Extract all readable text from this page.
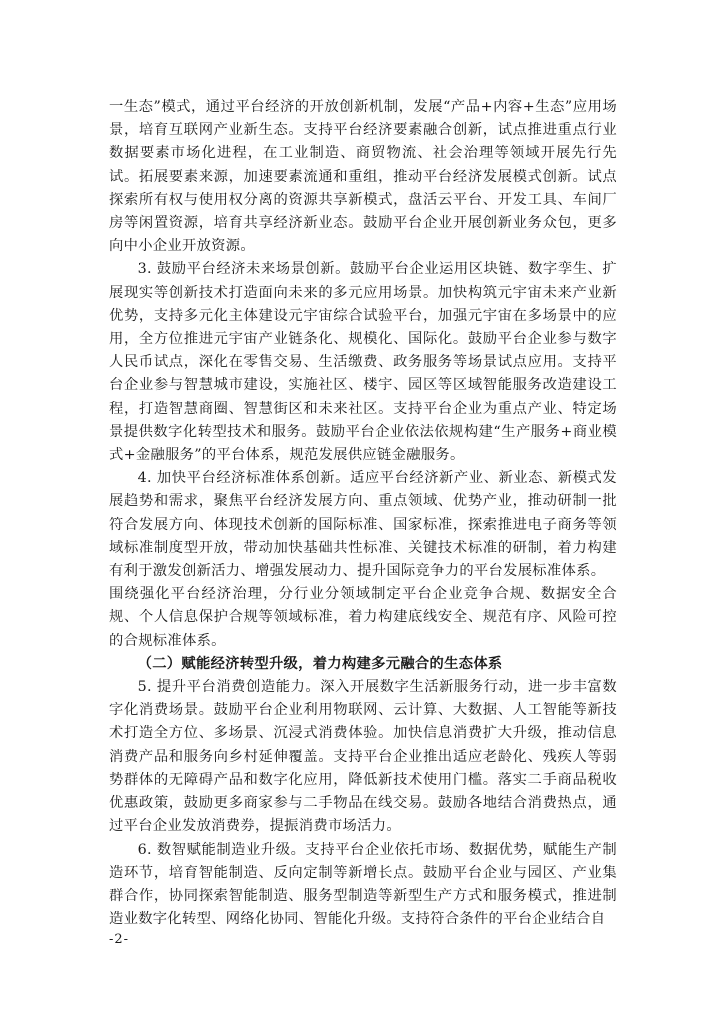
一生态”模式，通过平台经济的开放创新机制，发展“产品+内容+生态”应用场景，培育互联网产业新生态。支持平台经济要素融合创新，试点推进重点行业数据要素市场化进程，在工业制造、商贸物流、社会治理等领域开展先行先试。拓展要素来源，加速要素流通和重组，推动平台经济发展模式创新。试点探索所有权与使用权分离的资源共享新模式，盘活云平台、开发工具、车间厂房等闲置资源，培育共享经济新业态。鼓励平台企业开展创新业务众包，更多向中小企业开放资源。

3. 鼓励平台经济未来场景创新。鼓励平台企业运用区块链、数字孪生、扩展现实等创新技术打造面向未来的多元应用场景。加快构筑元宇宙未来产业新优势，支持多元化主体建设元宇宙综合试验平台，加强元宇宙在多场景中的应用，全方位推进元宇宙产业链条化、规模化、国际化。鼓励平台企业参与数字人民币试点，深化在零售交易、生活缴费、政务服务等场景试点应用。支持平台企业参与智慧城市建设，实施社区、楼宇、园区等区域智能服务改造建设工程，打造智慧商圈、智慧街区和未来社区。支持平台企业为重点产业、特定场景提供数字化转型技术和服务。鼓励平台企业依法依规构建“生产服务+商业模式+金融服务”的平台体系，规范发展供应链金融服务。

4. 加快平台经济标准体系创新。适应平台经济新产业、新业态、新模式发展趋势和需求，聚焦平台经济发展方向、重点领域、优势产业，推动研制一批符合发展方向、体现技术创新的国际标准、国家标准，探索推进电子商务等领域标准制度型开放，带动加快基础共性标准、关键技术标准的研制，着力构建有利于激发创新活力、增强发展动力、提升国际竞争力的平台发展标准体系。

围绕强化平台经济治理，分行业分领域制定平台企业竞争合规、数据安全合规、个人信息保护合规等领域标准，着力构建底线安全、规范有序、风险可控的合规标准体系。

（二）赋能经济转型升级，着力构建多元融合的生态体系

5. 提升平台消费创造能力。深入开展数字生活新服务行动，进一步丰富数字化消费场景。鼓励平台企业利用物联网、云计算、大数据、人工智能等新技术打造全方位、多场景、沉浸式消费体验。加快信息消费扩大升级，推动信息消费产品和服务向乡村延伸覆盖。支持平台企业推出适应老龄化、残疾人等弱势群体的无障碍产品和数字化应用，降低新技术使用门槛。落实二手商品税收优惠政策，鼓励更多商家参与二手物品在线交易。鼓励各地结合消费热点，通过平台企业发放消费券，提振消费市场活力。

6. 数智赋能制造业升级。支持平台企业依托市场、数据优势，赋能生产制造环节，培育智能制造、反向定制等新增长点。鼓励平台企业与园区、产业集群合作，协同探索智能制造、服务型制造等新型生产方式和服务模式，推进制造业数字化转型、网络化协同、智能化升级。支持符合条件的平台企业结合自

-2-
